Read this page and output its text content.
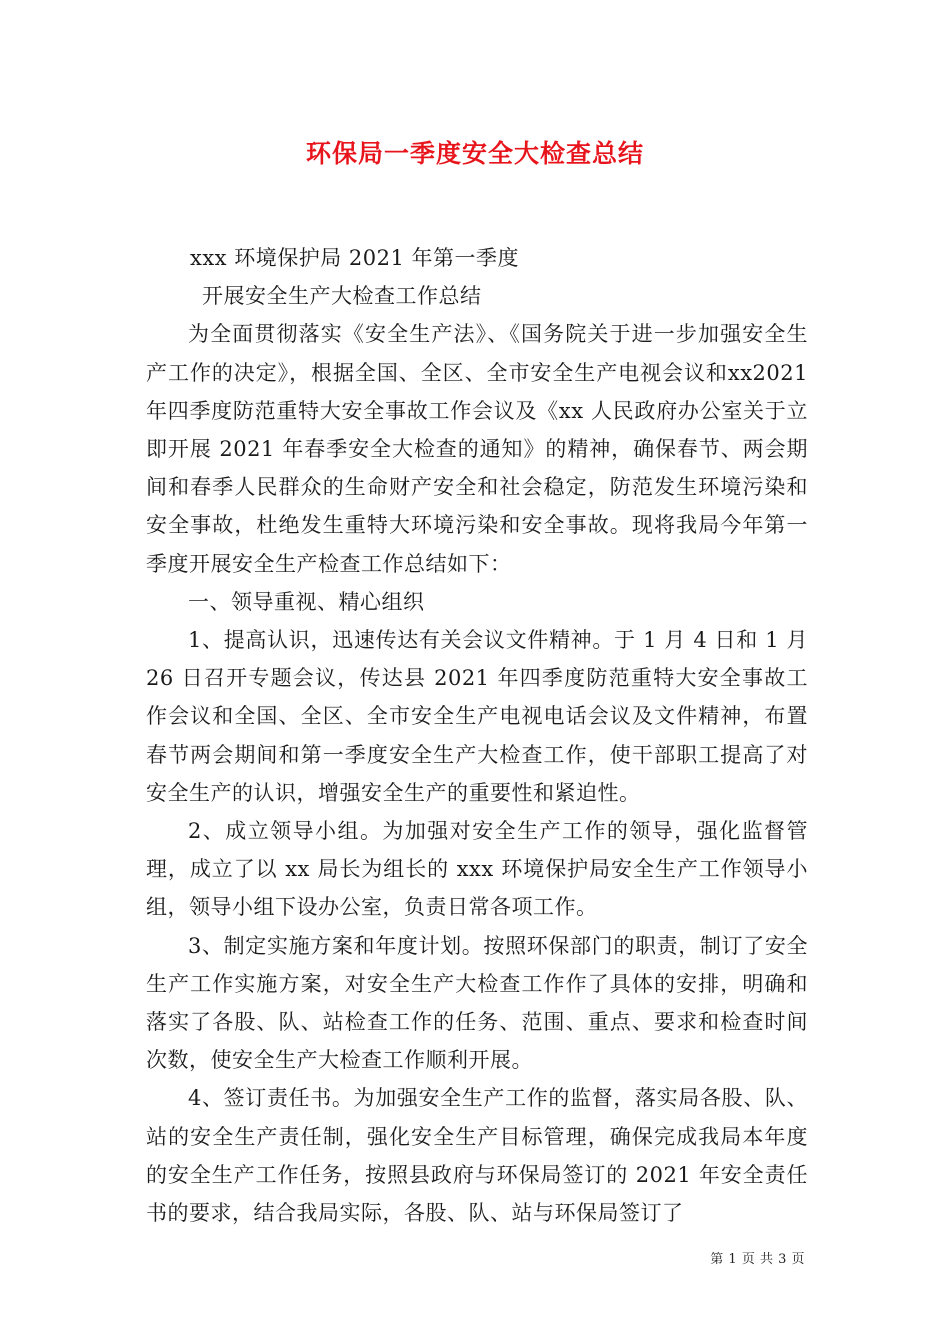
环保局一季度安全大检查总结

xxx 环境保护局 2021 年第一季度

开展安全生产大检查工作总结

为全面贯彻落实《安全生产法》、《国务院关于进一步加强安全生产工作的决定》，根据全国、全区、全市安全生产电视会议和xx2021 年四季度防范重特大安全事故工作会议及《xx 人民政府办公室关于立即开展 2021 年春季安全大检查的通知》的精神，确保春节、两会期间和春季人民群众的生命财产安全和社会稳定，防范发生环境污染和安全事故，杜绝发生重特大环境污染和安全事故。现将我局今年第一季度开展安全生产检查工作总结如下：

一、领导重视、精心组织

1、提高认识，迅速传达有关会议文件精神。于 1 月 4 日和 1 月 26 日召开专题会议，传达县 2021 年四季度防范重特大安全事故工作会议和全国、全区、全市安全生产电视电话会议及文件精神，布置春节两会期间和第一季度安全生产大检查工作，使干部职工提高了对安全生产的认识，增强安全生产的重要性和紧迫性。

2、成立领导小组。为加强对安全生产工作的领导，强化监督管理，成立了以 xx 局长为组长的 xxx 环境保护局安全生产工作领导小组，领导小组下设办公室，负责日常各项工作。

3、制定实施方案和年度计划。按照环保部门的职责，制订了安全生产工作实施方案，对安全生产大检查工作作了具体的安排，明确和落实了各股、队、站检查工作的任务、范围、重点、要求和检查时间次数，使安全生产大检查工作顺利开展。

4、签订责任书。为加强安全生产工作的监督，落实局各股、队、站的安全生产责任制，强化安全生产目标管理，确保完成我局本年度的安全生产工作任务，按照县政府与环保局签订的 2021 年安全责任书的要求，结合我局实际，各股、队、站与环保局签订了

第 1 页 共 3 页
